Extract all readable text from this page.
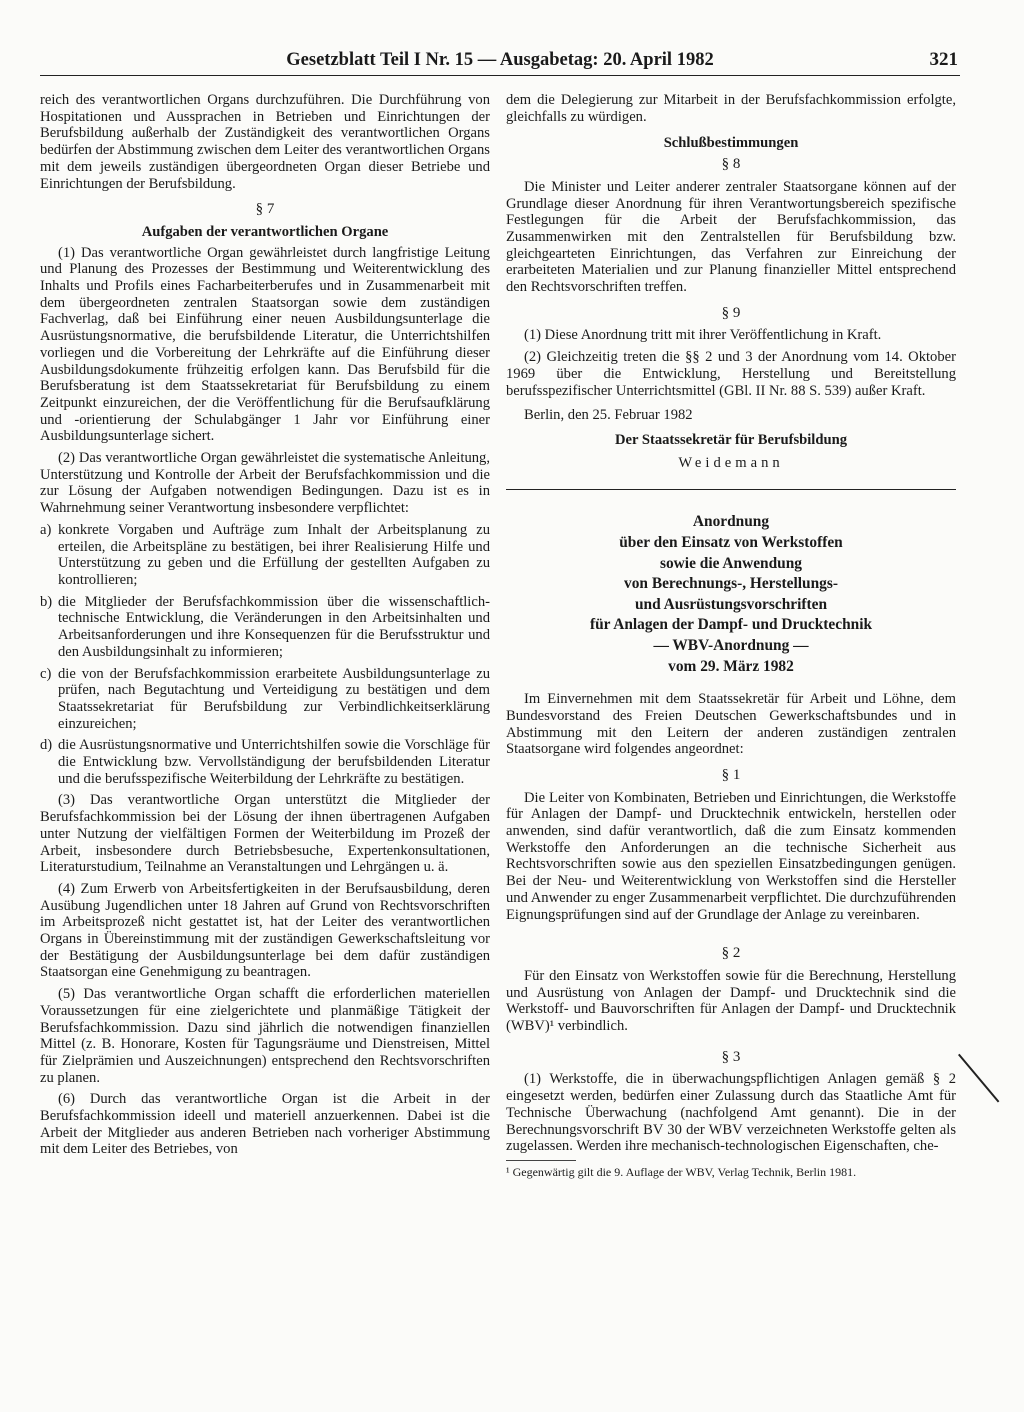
Gesetzblatt Teil I Nr. 15 — Ausgabetag: 20. April 1982	321

reich des verantwortlichen Organs durchzuführen. Die Durchführung von Hospitationen und Aussprachen in Betrieben und Einrichtungen der Berufsbildung außerhalb der Zuständigkeit des verantwortlichen Organs bedürfen der Abstimmung zwischen dem Leiter des verantwortlichen Organs mit dem jeweils zuständigen übergeordneten Organ dieser Betriebe und Einrichtungen der Berufsbildung.

§ 7
Aufgaben der verantwortlichen Organe

(1) Das verantwortliche Organ gewährleistet durch langfristige Leitung und Planung des Prozesses der Bestimmung und Weiterentwicklung des Inhalts und Profils eines Facharbeiterberufes und in Zusammenarbeit mit dem übergeordneten zentralen Staatsorgan sowie dem zuständigen Fachverlag, daß bei Einführung einer neuen Ausbildungsunterlage die Ausrüstungsnormative, die berufsbildende Literatur, die Unterrichtshilfen vorliegen und die Vorbereitung der Lehrkräfte auf die Einführung dieser Ausbildungsdokumente frühzeitig erfolgen kann. Das Berufsbild für die Berufsberatung ist dem Staatssekretariat für Berufsbildung zu einem Zeitpunkt einzureichen, der die Veröffentlichung für die Berufsaufklärung und -orientierung der Schulabgänger 1 Jahr vor Einführung einer Ausbildungsunterlage sichert.

(2) Das verantwortliche Organ gewährleistet die systematische Anleitung, Unterstützung und Kontrolle der Arbeit der Berufsfachkommission und die zur Lösung der Aufgaben notwendigen Bedingungen. Dazu ist es in Wahrnehmung seiner Verantwortung insbesondere verpflichtet:

a) konkrete Vorgaben und Aufträge zum Inhalt der Arbeitsplanung zu erteilen, die Arbeitspläne zu bestätigen, bei ihrer Realisierung Hilfe und Unterstützung zu geben und die Erfüllung der gestellten Aufgaben zu kontrollieren;
b) die Mitglieder der Berufsfachkommission über die wissenschaftlich-technische Entwicklung, die Veränderungen in den Arbeitsinhalten und Arbeitsanforderungen und ihre Konsequenzen für die Berufsstruktur und den Ausbildungsinhalt zu informieren;
c) die von der Berufsfachkommission erarbeitete Ausbildungsunterlage zu prüfen, nach Begutachtung und Verteidigung zu bestätigen und dem Staatssekretariat für Berufsbildung zur Verbindlichkeitserklärung einzureichen;
d) die Ausrüstungsnormative und Unterrichtshilfen sowie die Vorschläge für die Entwicklung bzw. Vervollständigung der berufsbildenden Literatur und die berufsspezifische Weiterbildung der Lehrkräfte zu bestätigen.

(3) Das verantwortliche Organ unterstützt die Mitglieder der Berufsfachkommission bei der Lösung der ihnen übertragenen Aufgaben unter Nutzung der vielfältigen Formen der Weiterbildung im Prozeß der Arbeit, insbesondere durch Betriebsbesuche, Expertenkonsultationen, Literaturstudium, Teilnahme an Veranstaltungen und Lehrgängen u. ä.

(4) Zum Erwerb von Arbeitsfertigkeiten in der Berufsausbildung, deren Ausübung Jugendlichen unter 18 Jahren auf Grund von Rechtsvorschriften im Arbeitsprozeß nicht gestattet ist, hat der Leiter des verantwortlichen Organs in Übereinstimmung mit der zuständigen Gewerkschaftsleitung vor der Bestätigung der Ausbildungsunterlage bei dem dafür zuständigen Staatsorgan eine Genehmigung zu beantragen.

(5) Das verantwortliche Organ schafft die erforderlichen materiellen Voraussetzungen für eine zielgerichtete und planmäßige Tätigkeit der Berufsfachkommission. Dazu sind jährlich die notwendigen finanziellen Mittel (z. B. Honorare, Kosten für Tagungsräume und Dienstreisen, Mittel für Zielprämien und Auszeichnungen) entsprechend den Rechtsvorschriften zu planen.

(6) Durch das verantwortliche Organ ist die Arbeit in der Berufsfachkommission ideell und materiell anzuerkennen. Dabei ist die Arbeit der Mitglieder aus anderen Betrieben nach vorheriger Abstimmung mit dem Leiter des Betriebes, von

dem die Delegierung zur Mitarbeit in der Berufsfachkommission erfolgte, gleichfalls zu würdigen.

Schlußbestimmungen
§ 8

Die Minister und Leiter anderer zentraler Staatsorgane können auf der Grundlage dieser Anordnung für ihren Verantwortungsbereich spezifische Festlegungen für die Arbeit der Berufsfachkommission, das Zusammenwirken mit den Zentralstellen für Berufsbildung bzw. gleichgearteten Einrichtungen, das Verfahren zur Einreichung der erarbeiteten Materialien und zur Planung finanzieller Mittel entsprechend den Rechtsvorschriften treffen.

§ 9

(1) Diese Anordnung tritt mit ihrer Veröffentlichung in Kraft.

(2) Gleichzeitig treten die §§ 2 und 3 der Anordnung vom 14. Oktober 1969 über die Entwicklung, Herstellung und Bereitstellung berufsspezifischer Unterrichtsmittel (GBl. II Nr. 88 S. 539) außer Kraft.

Berlin, den 25. Februar 1982

Der Staatssekretär für Berufsbildung
Weidemann
Anordnung
über den Einsatz von Werkstoffen
sowie die Anwendung
von Berechnungs-, Herstellungs-
und Ausrüstungsvorschriften
für Anlagen der Dampf- und Drucktechnik
— WBV-Anordnung —
vom 29. März 1982

Im Einvernehmen mit dem Staatssekretär für Arbeit und Löhne, dem Bundesvorstand des Freien Deutschen Gewerkschaftsbundes und in Abstimmung mit den Leitern der anderen zuständigen zentralen Staatsorgane wird folgendes angeordnet:

§ 1

Die Leiter von Kombinaten, Betrieben und Einrichtungen, die Werkstoffe für Anlagen der Dampf- und Drucktechnik entwickeln, herstellen oder anwenden, sind dafür verantwortlich, daß die zum Einsatz kommenden Werkstoffe den Anforderungen an die technische Sicherheit aus Rechtsvorschriften sowie aus den speziellen Einsatzbedingungen genügen. Bei der Neu- und Weiterentwicklung von Werkstoffen sind die Hersteller und Anwender zu enger Zusammenarbeit verpflichtet. Die durchzuführenden Eignungsprüfungen sind auf der Grundlage der Anlage zu vereinbaren.

§ 2

Für den Einsatz von Werkstoffen sowie für die Berechnung, Herstellung und Ausrüstung von Anlagen der Dampf- und Drucktechnik sind die Werkstoff- und Bauvorschriften für Anlagen der Dampf- und Drucktechnik (WBV)¹ verbindlich.

§ 3

(1) Werkstoffe, die in überwachungspflichtigen Anlagen gemäß § 2 eingesetzt werden, bedürfen einer Zulassung durch das Staatliche Amt für Technische Überwachung (nachfolgend Amt genannt). Die in der Berechnungsvorschrift BV 30 der WBV verzeichneten Werkstoffe gelten als zugelassen. Werden ihre mechanisch-technologischen Eigenschaften, che-

¹ Gegenwärtig gilt die 9. Auflage der WBV, Verlag Technik, Berlin 1981.
